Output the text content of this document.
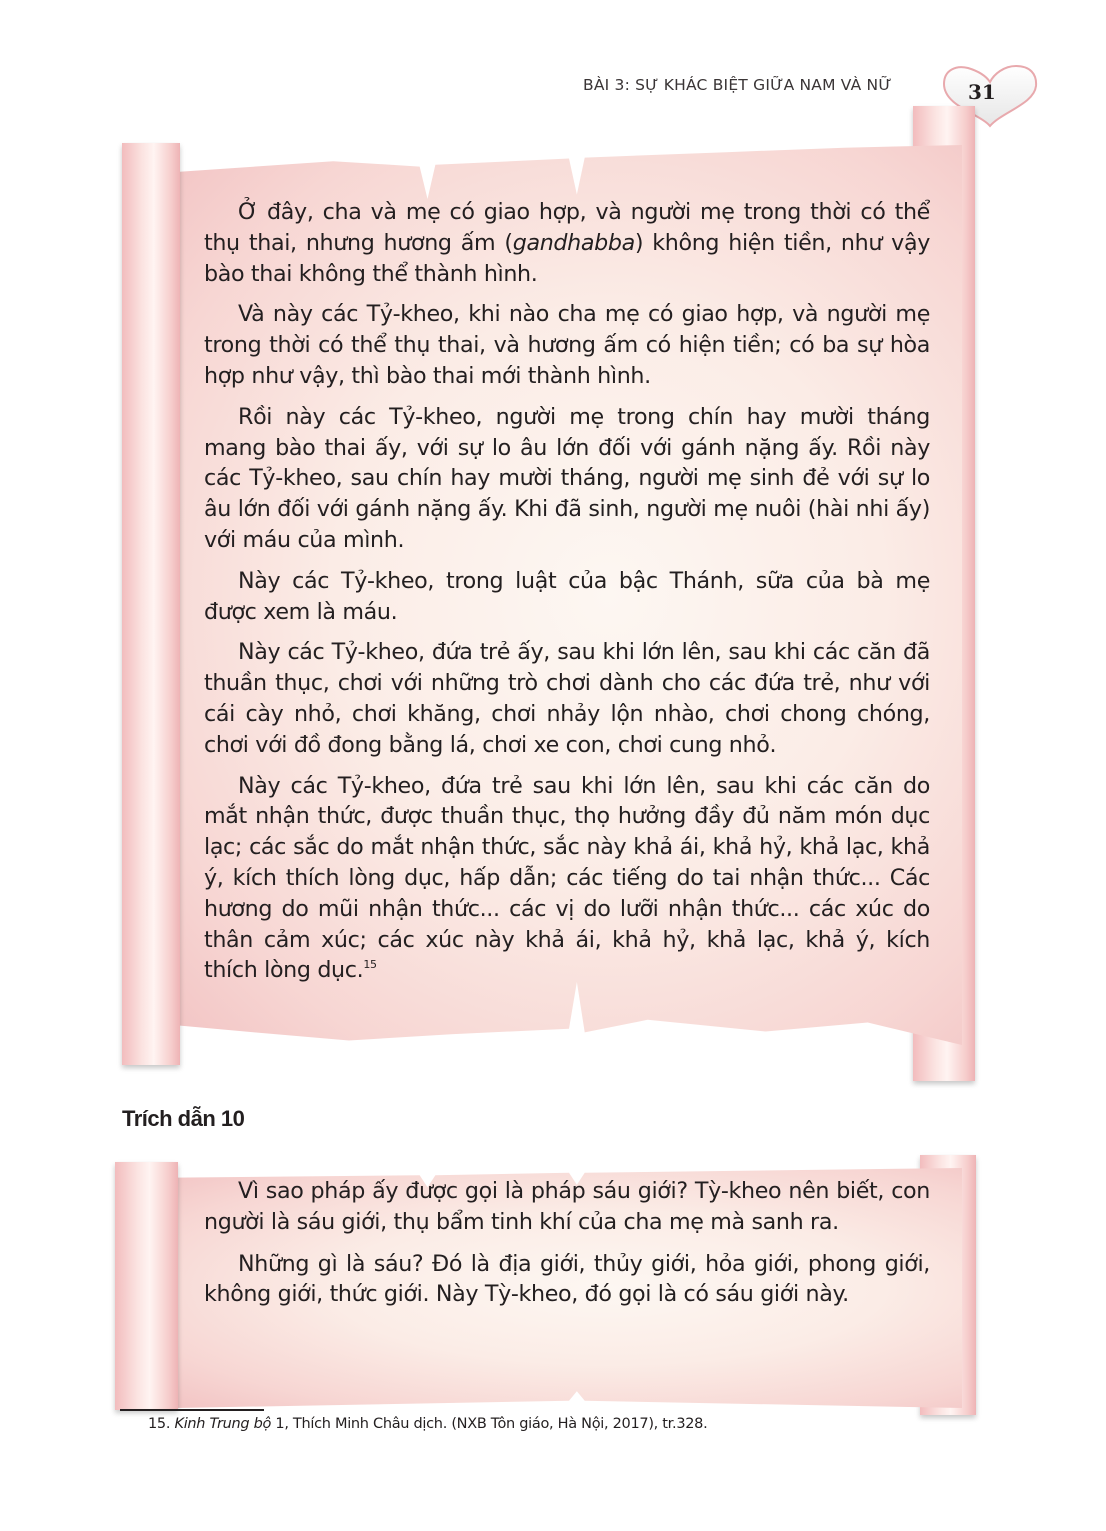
BÀI 3: SỰ KHÁC BIỆT GIỮA NAM VÀ NỮ	31

Ở đây, cha và mẹ có giao hợp, và người mẹ trong thời có thể thụ thai, nhưng hương ấm (gandhabba) không hiện tiền, như vậy bào thai không thể thành hình.

Và này các Tỷ-kheo, khi nào cha mẹ có giao hợp, và người mẹ trong thời có thể thụ thai, và hương ấm có hiện tiền; có ba sự hòa hợp như vậy, thì bào thai mới thành hình.

Rồi này các Tỷ-kheo, người mẹ trong chín hay mười tháng mang bào thai ấy, với sự lo âu lớn đối với gánh nặng ấy. Rồi này các Tỷ-kheo, sau chín hay mười tháng, người mẹ sinh đẻ với sự lo âu lớn đối với gánh nặng ấy. Khi đã sinh, người mẹ nuôi (hài nhi ấy) với máu của mình.

Này các Tỷ-kheo, trong luật của bậc Thánh, sữa của bà mẹ được xem là máu.

Này các Tỷ-kheo, đứa trẻ ấy, sau khi lớn lên, sau khi các căn đã thuần thục, chơi với những trò chơi dành cho các đứa trẻ, như với cái cày nhỏ, chơi khăng, chơi nhảy lộn nhào, chơi chong chóng, chơi với đồ đong bằng lá, chơi xe con, chơi cung nhỏ.

Này các Tỷ-kheo, đứa trẻ sau khi lớn lên, sau khi các căn do mắt nhận thức, được thuần thục, thọ hưởng đầy đủ năm món dục lạc; các sắc do mắt nhận thức, sắc này khả ái, khả hỷ, khả lạc, khả ý, kích thích lòng dục, hấp dẫn; các tiếng do tai nhận thức... Các hương do mũi nhận thức... các vị do lưỡi nhận thức... các xúc do thân cảm xúc; các xúc này khả ái, khả hỷ, khả lạc, khả ý, kích thích lòng dục.$^{15}$

Trích dẫn 10

Vì sao pháp ấy được gọi là pháp sáu giới? Tỳ-kheo nên biết, con người là sáu giới, thụ bẩm tinh khí của cha mẹ mà sanh ra.

Những gì là sáu? Đó là địa giới, thủy giới, hỏa giới, phong giới, không giới, thức giới. Này Tỳ-kheo, đó gọi là có sáu giới này.

15. Kinh Trung bộ 1, Thích Minh Châu dịch. (NXB Tôn giáo, Hà Nội, 2017), tr.328.
